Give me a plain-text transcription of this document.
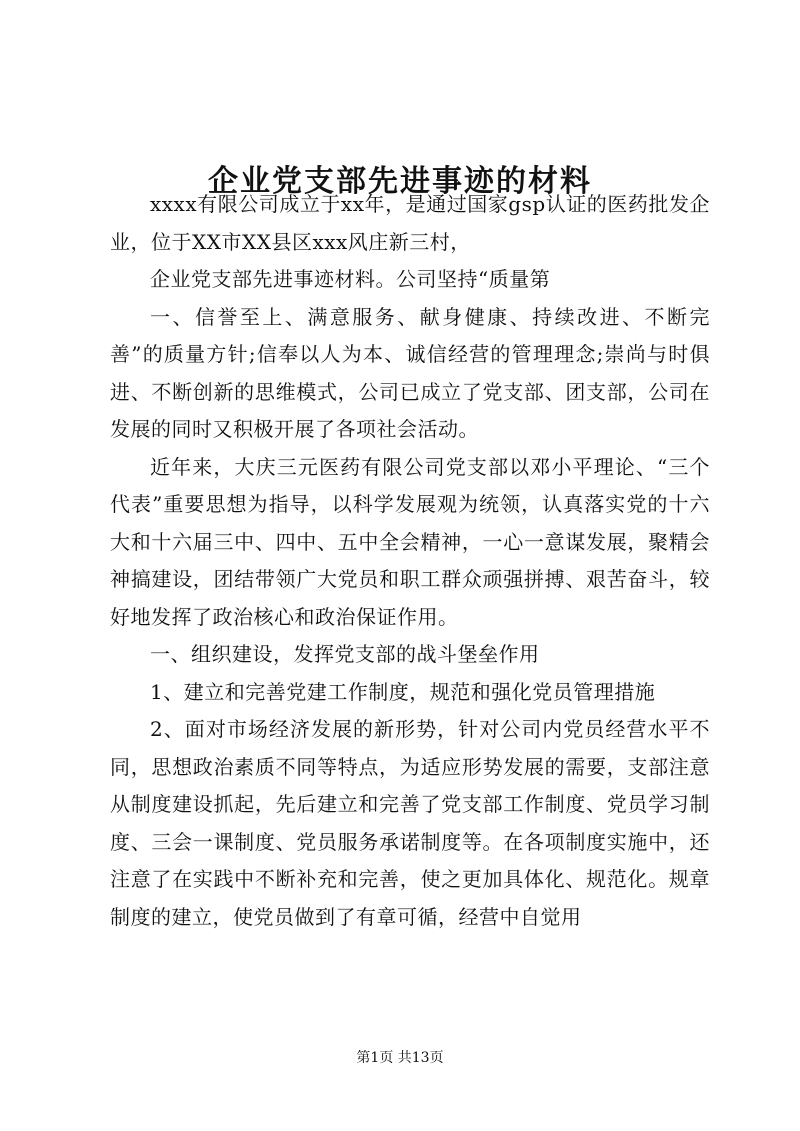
企业党支部先进事迹的材料

xxxx有限公司成立于xx年，是通过国家gsp认证的医药批发企业，位于XX市XX县区xxx风庄新三村，

企业党支部先进事迹材料。公司坚持“质量第

一、信誉至上、满意服务、献身健康、持续改进、不断完善”的质量方针;信奉以人为本、诚信经营的管理理念;崇尚与时俱进、不断创新的思维模式，公司已成立了党支部、团支部，公司在发展的同时又积极开展了各项社会活动。

近年来，大庆三元医药有限公司党支部以邓小平理论、“三个代表”重要思想为指导，以科学发展观为统领，认真落实党的十六大和十六届三中、四中、五中全会精神，一心一意谋发展，聚精会神搞建设，团结带领广大党员和职工群众顽强拼搏、艰苦奋斗，较好地发挥了政治核心和政治保证作用。

一、组织建设，发挥党支部的战斗堡垒作用

1、建立和完善党建工作制度，规范和强化党员管理措施

2、面对市场经济发展的新形势，针对公司内党员经营水平不同，思想政治素质不同等特点，为适应形势发展的需要，支部注意从制度建设抓起，先后建立和完善了党支部工作制度、党员学习制度、三会一课制度、党员服务承诺制度等。在各项制度实施中，还注意了在实践中不断补充和完善，使之更加具体化、规范化。规章制度的建立，使党员做到了有章可循，经营中自觉用

第1页 共13页
